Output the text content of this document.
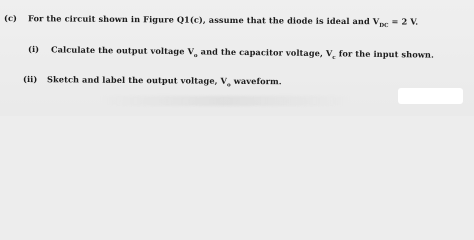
(c) For the circuit shown in Figure Q1(c), assume that the diode is ideal and $V_{DC} = 2$ V.
(i) Calculate the output voltage $V_o$ and the capacitor voltage, $V_c$ for the input shown.
(ii) Sketch and label the output voltage, $V_o$ waveform.
